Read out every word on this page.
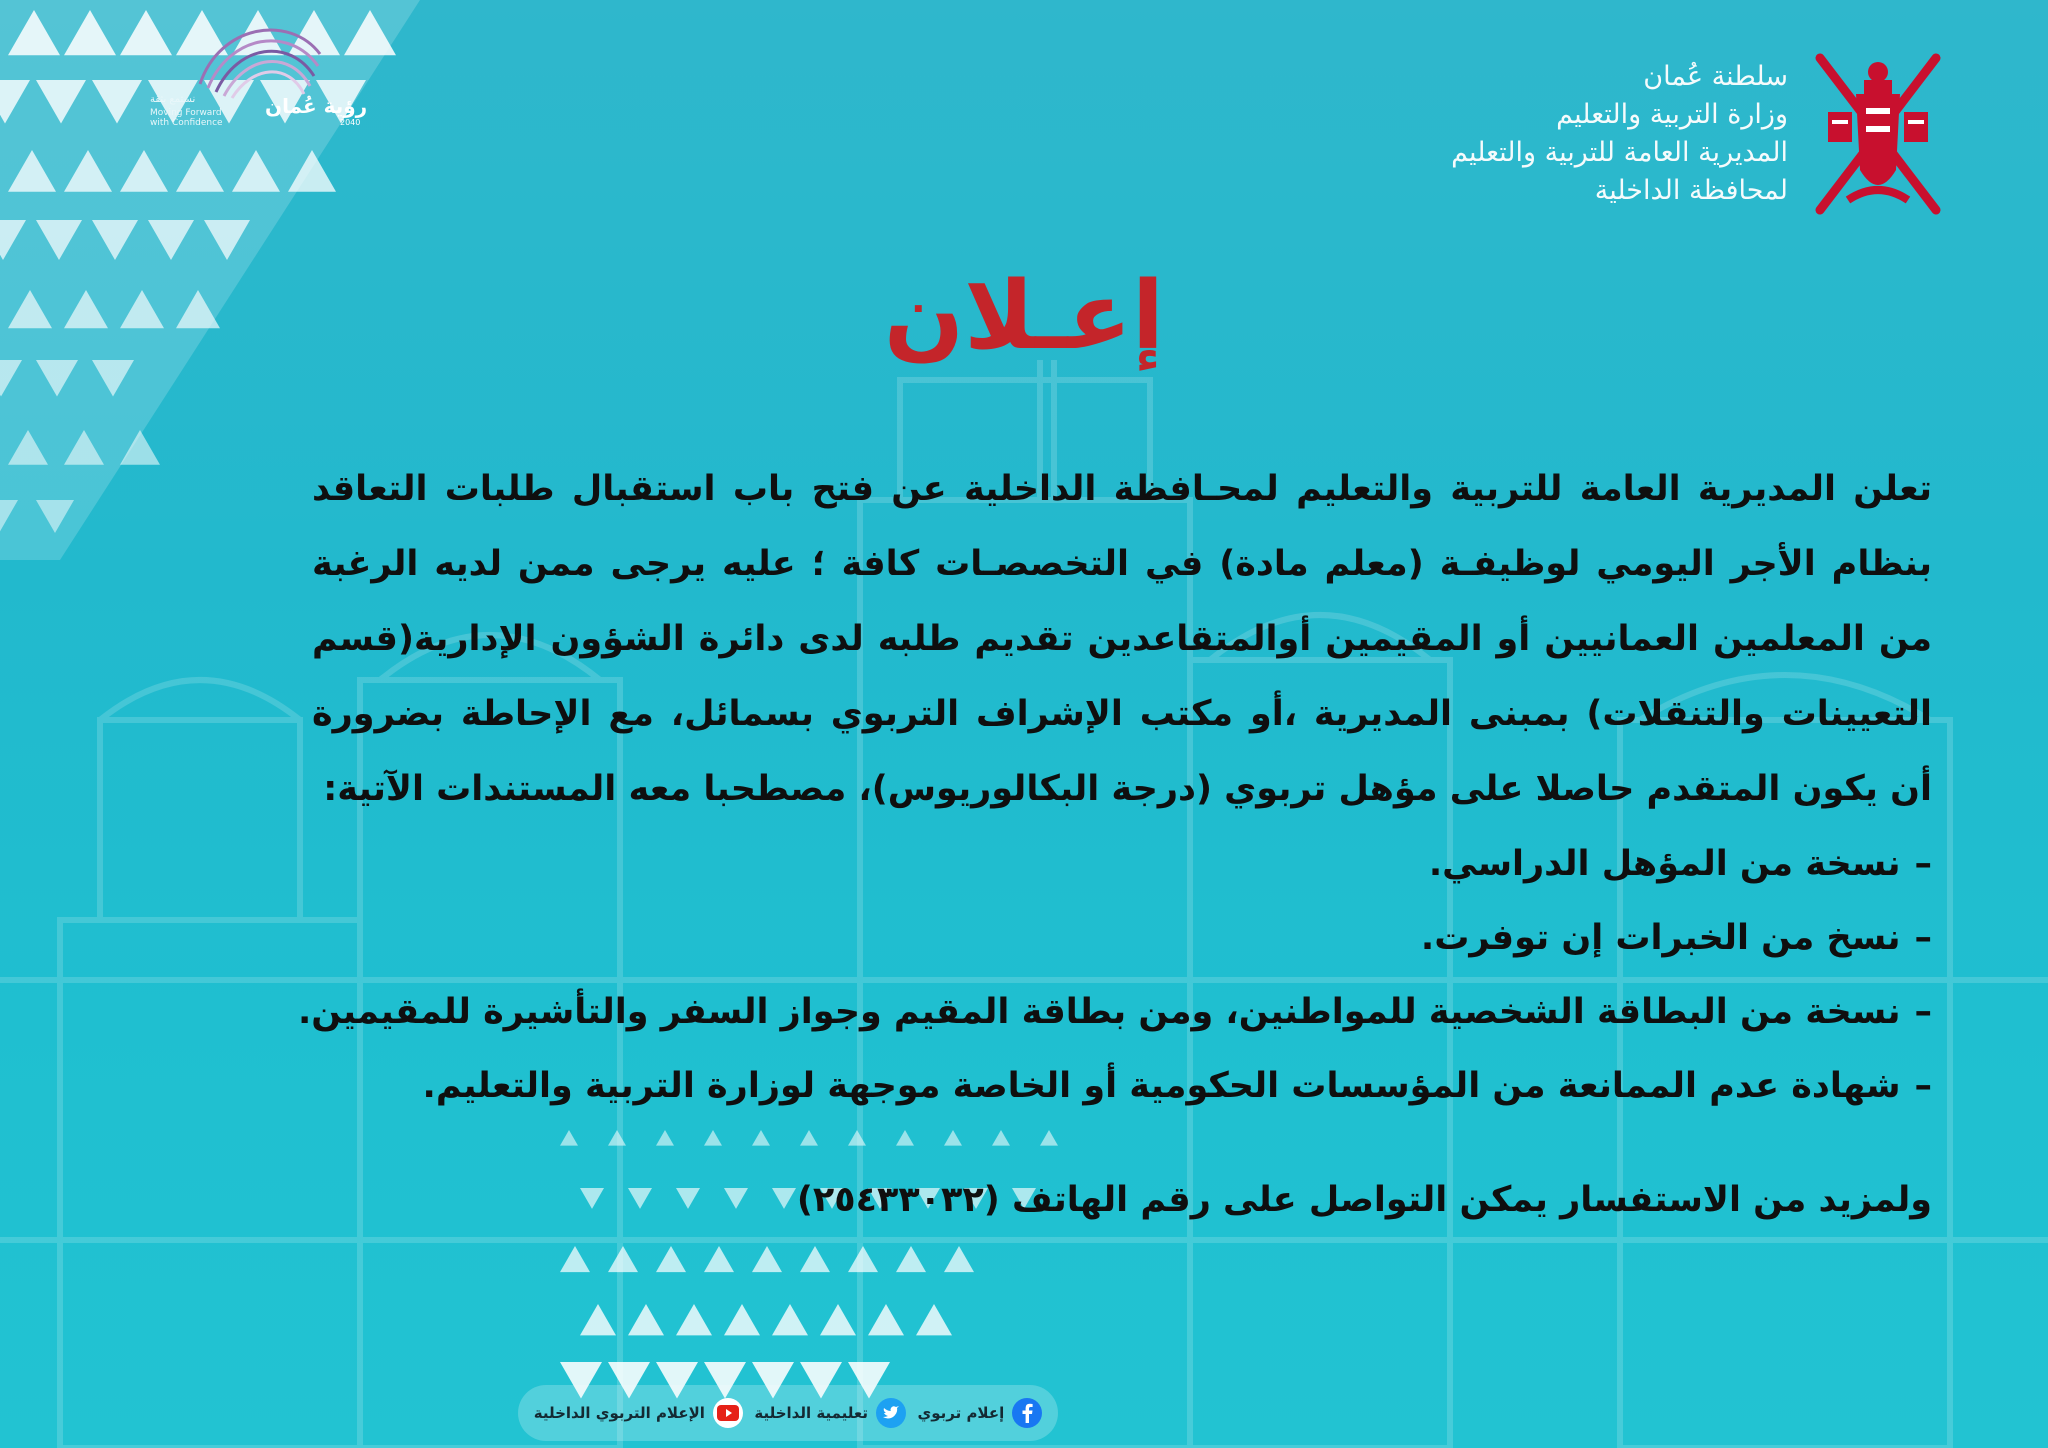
رؤية عُمان
نستمع بثقة
Moving Forward with Confidence	2040
سلطنة عُمان
وزارة التربية والتعليم
المديرية العامة للتربية والتعليم
لمحافظة الداخلية
إعـلان

تعلن المديرية العامة للتربية والتعليم لمحـافظة الداخلية عن فتح باب استقبال طلبات التعاقد بنظام الأجر اليومي لوظيفـة (معلم مادة) في التخصصـات كافة ؛ عليه يرجى ممن لديه الرغبة من المعلمين العمانيين أو المقيمين أوالمتقاعدين تقديم طلبه لدى دائرة الشؤون الإدارية(قسم التعيينات والتنقلات) بمبنى المديرية ،أو مكتب الإشراف التربوي بسمائل، مع الإحاطة بضرورة أن يكون المتقدم حاصلا على مؤهل تربوي (درجة البكالوريوس)، مصطحبا معه المستندات الآتية:

–نسخة من المؤهل الدراسي.
–نسخ من الخبرات إن توفرت.
–نسخة من البطاقة الشخصية للمواطنين، ومن بطاقة المقيم وجواز السفر والتأشيرة للمقيمين.
–شهادة عدم الممانعة من المؤسسات الحكومية أو الخاصة موجهة لوزارة التربية والتعليم.
ولمزيد من الاستفسار يمكن التواصل على رقم الهاتف (٢٥٤٣٣٠٣٢)
الإعلام التربوي الداخلية	تعليمية الداخلية	إعلام تربوي
